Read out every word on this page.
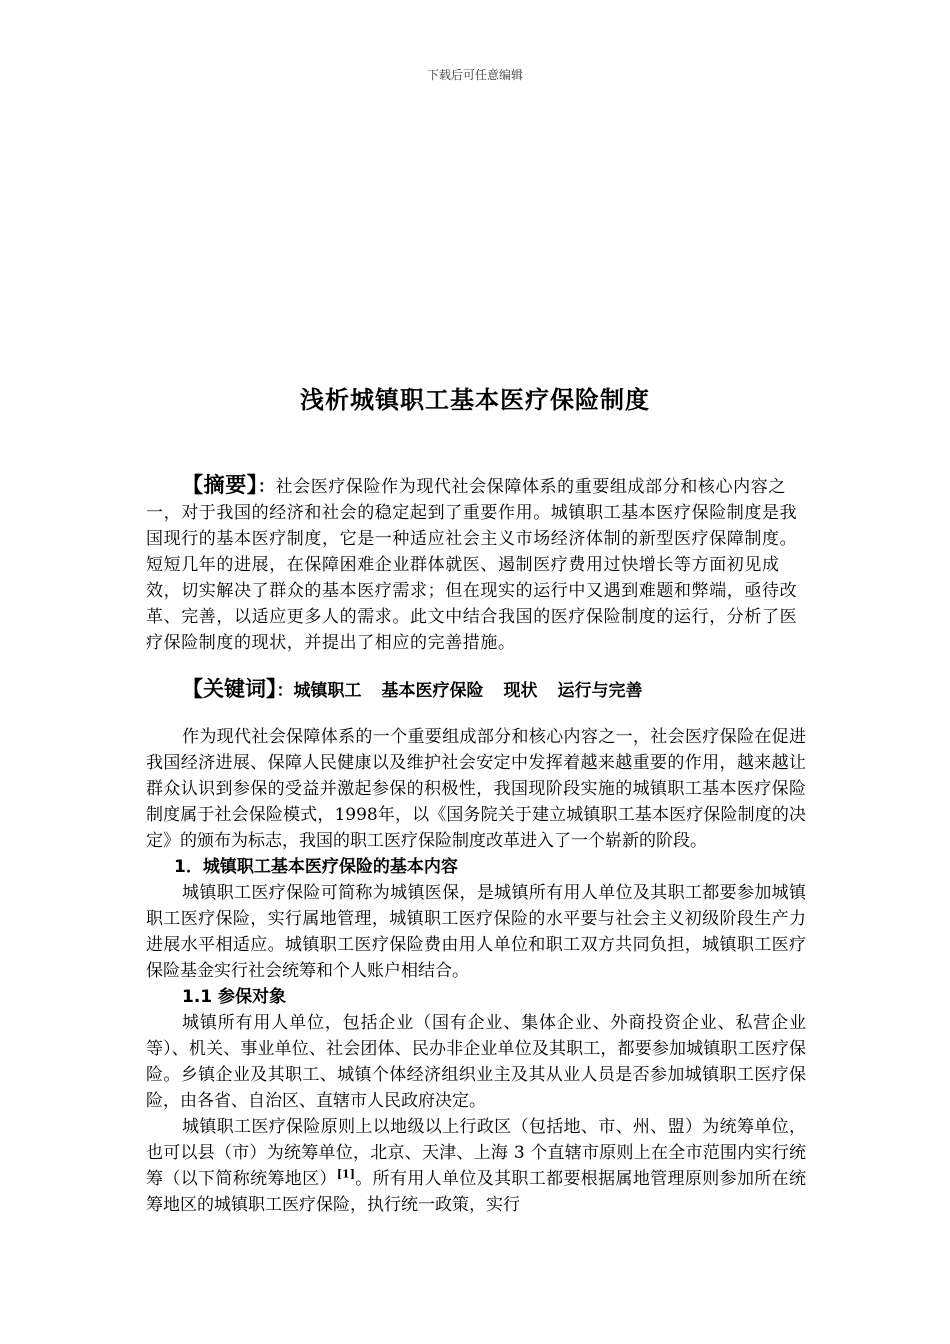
下载后可任意编辑
浅析城镇职工基本医疗保险制度

【摘要】：社会医疗保险作为现代社会保障体系的重要组成部分和核心内容之一，对于我国的经济和社会的稳定起到了重要作用。城镇职工基本医疗保险制度是我国现行的基本医疗制度，它是一种适应社会主义市场经济体制的新型医疗保障制度。短短几年的进展，在保障困难企业群体就医、遏制医疗费用过快增长等方面初见成效，切实解决了群众的基本医疗需求；但在现实的运行中又遇到难题和弊端，亟待改革、完善，以适应更多人的需求。此文中结合我国的医疗保险制度的运行，分析了医疗保险制度的现状，并提出了相应的完善措施。

【关键词】：城镇职工 基本医疗保险 现状 运行与完善

作为现代社会保障体系的一个重要组成部分和核心内容之一，社会医疗保险在促进我国经济进展、保障人民健康以及维护社会安定中发挥着越来越重要的作用，越来越让群众认识到参保的受益并激起参保的积极性，我国现阶段实施的城镇职工基本医疗保险制度属于社会保险模式，1998年，以《国务院关于建立城镇职工基本医疗保险制度的决定》的颁布为标志，我国的职工医疗保险制度改革进入了一个崭新的阶段。

1．城镇职工基本医疗保险的基本内容

城镇职工医疗保险可简称为城镇医保，是城镇所有用人单位及其职工都要参加城镇职工医疗保险，实行属地管理，城镇职工医疗保险的水平要与社会主义初级阶段生产力进展水平相适应。城镇职工医疗保险费由用人单位和职工双方共同负担，城镇职工医疗保险基金实行社会统筹和个人账户相结合。

1.1 参保对象

城镇所有用人单位，包括企业（国有企业、集体企业、外商投资企业、私营企业等）、机关、事业单位、社会团体、民办非企业单位及其职工，都要参加城镇职工医疗保险。乡镇企业及其职工、城镇个体经济组织业主及其从业人员是否参加城镇职工医疗保险，由各省、自治区、直辖市人民政府决定。

城镇职工医疗保险原则上以地级以上行政区（包括地、市、州、盟）为统筹单位，也可以县（市）为统筹单位，北京、天津、上海 3 个直辖市原则上在全市范围内实行统筹（以下简称统筹地区）[1]。所有用人单位及其职工都要根据属地管理原则参加所在统筹地区的城镇职工医疗保险，执行统一政策，实行
